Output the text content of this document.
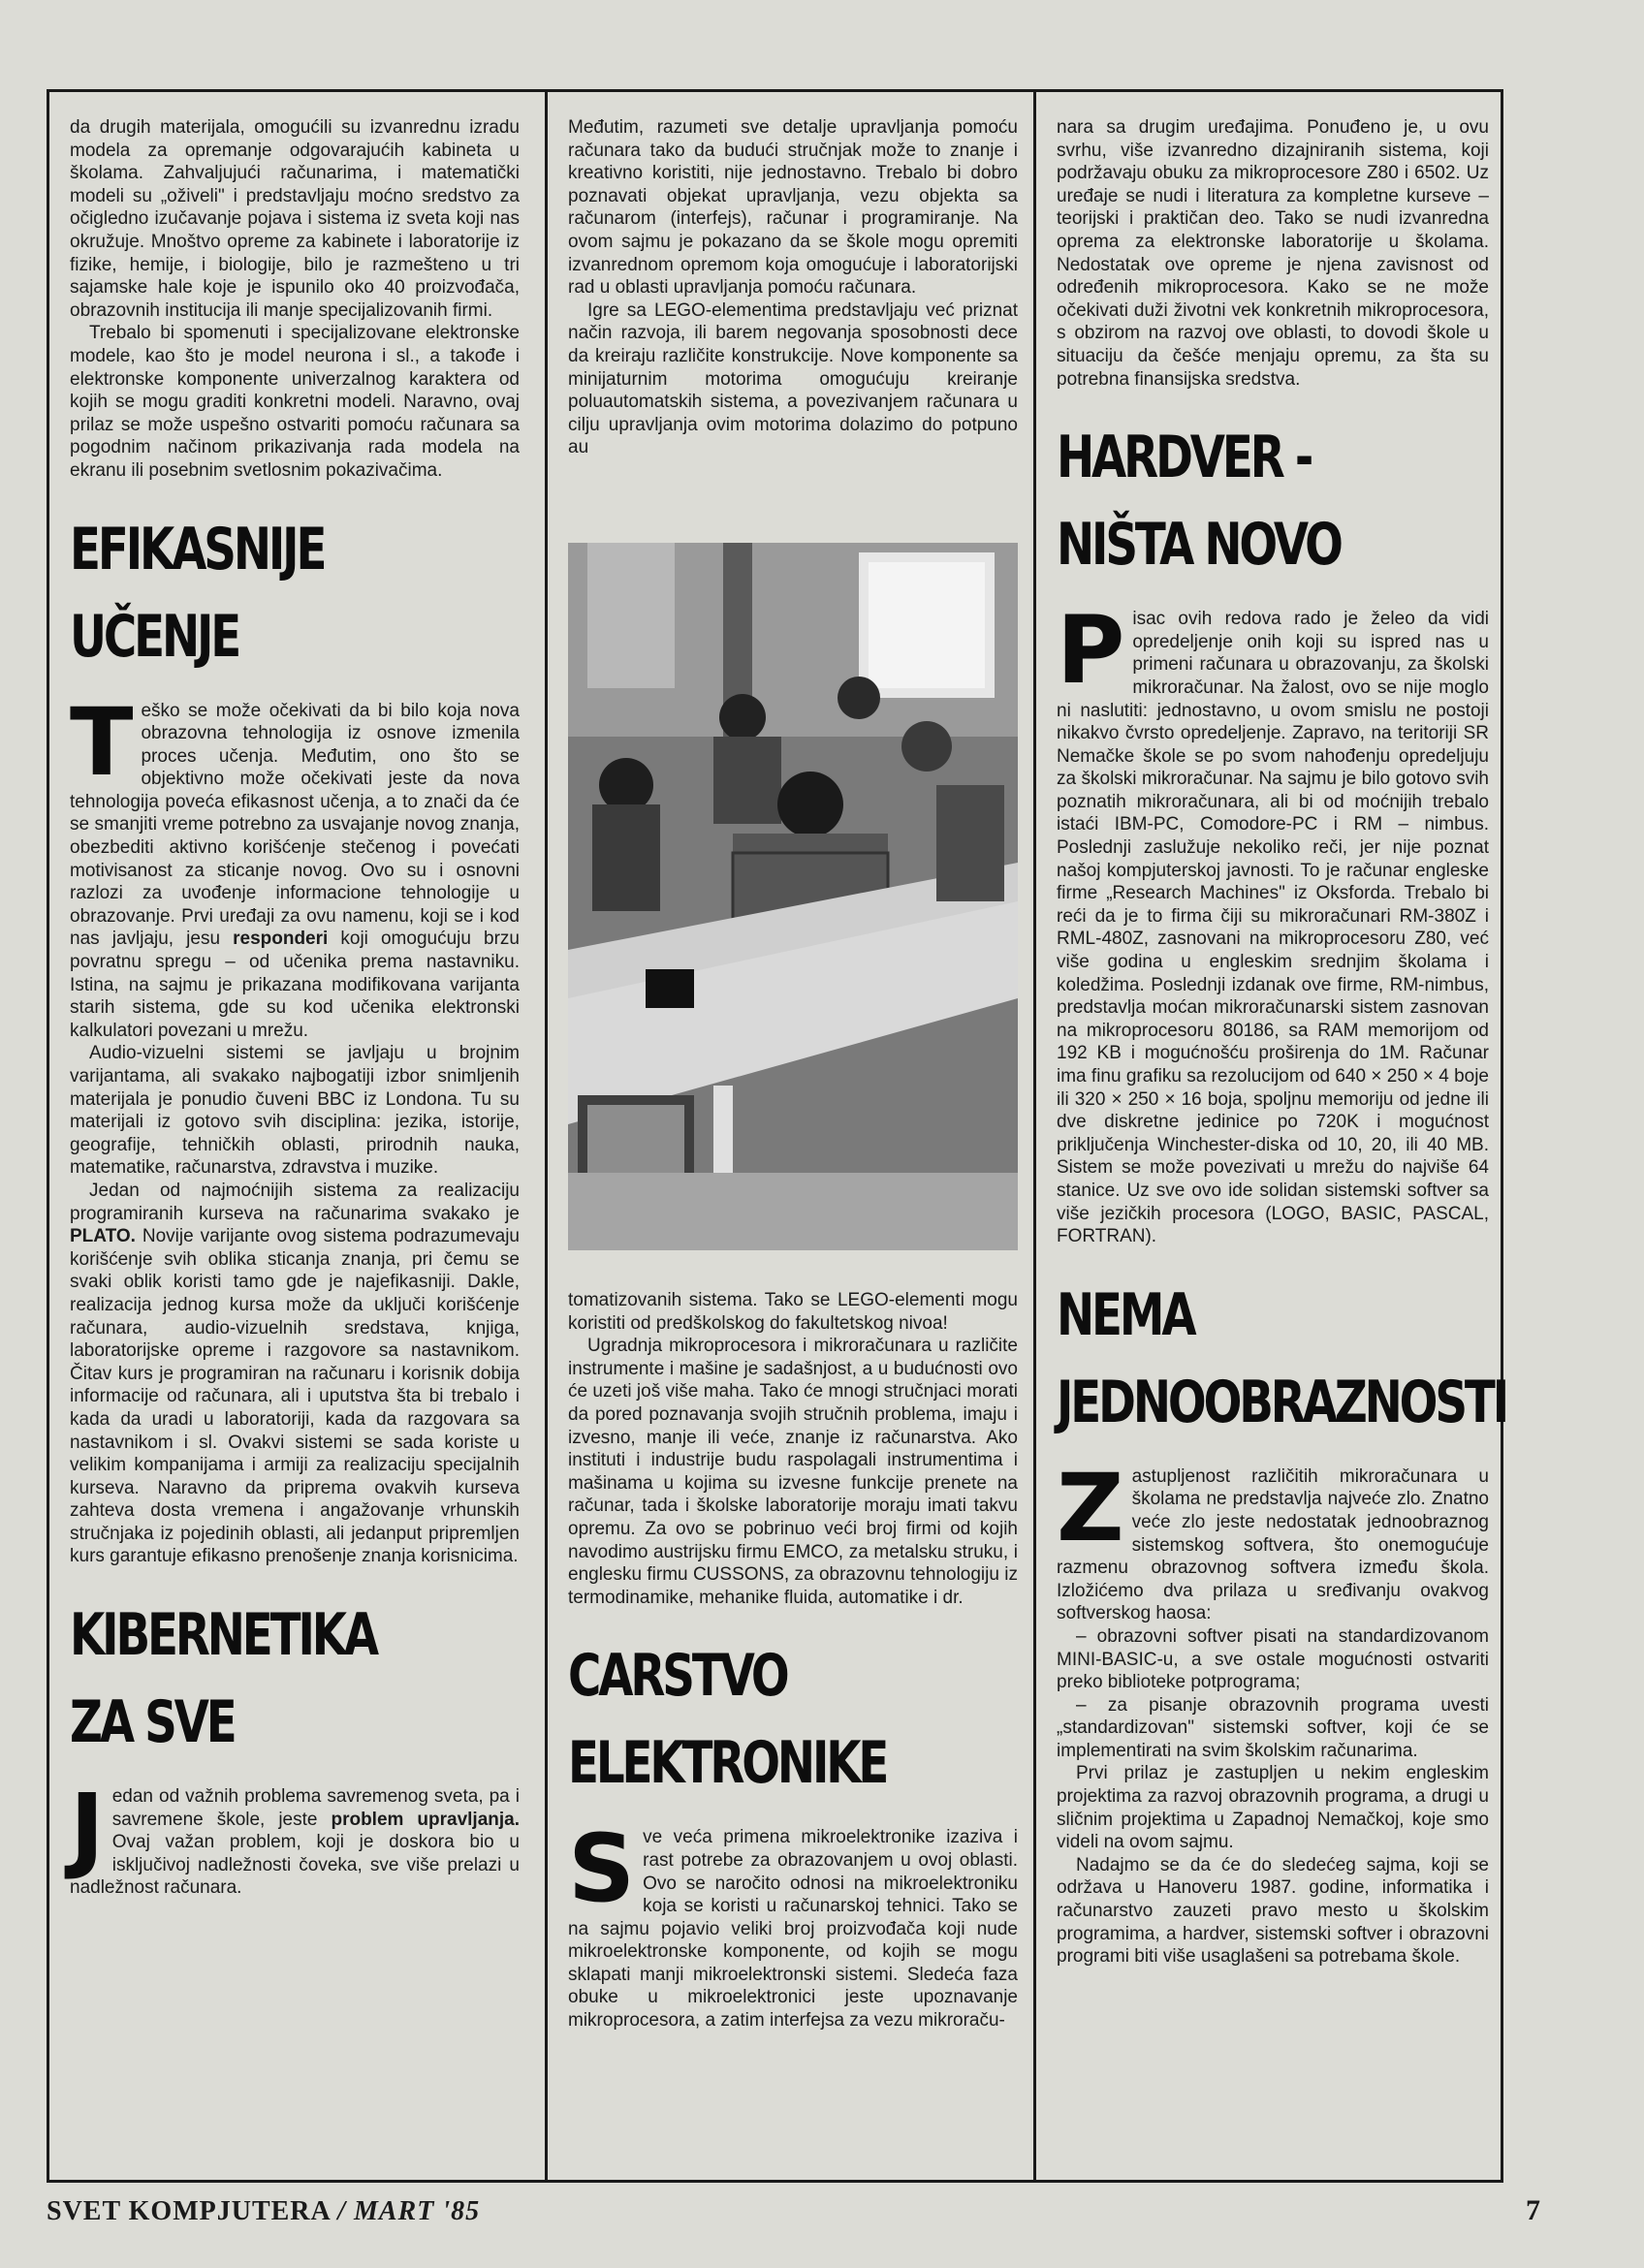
da drugih materijala, omogućili su izvanrednu izradu modela za opremanje odgovarajućih kabineta u školama. Zahvaljujući računarima, i matematički modeli su „oživeli" i predstavljaju moćno sredstvo za očigledno izučavanje pojava i sistema iz sveta koji nas okružuje. Mnoštvo opreme za kabinete i laboratorije iz fizike, hemije, i biologije, bilo je razmešteno u tri sajamske hale koje je ispunilo oko 40 proizvođača, obrazovnih institucija ili manje specijalizovanih firmi.

Trebalo bi spomenuti i specijalizovane elektronske modele, kao što je model neurona i sl., a takođe i elektronske komponente univerzalnog karaktera od kojih se mogu graditi konkretni modeli. Naravno, ovaj prilaz se može uspešno ostvariti pomoću računara sa pogodnim načinom prikazivanja rada modela na ekranu ili posebnim svetlosnim pokazivačima.

EFIKASNIJE
UČENJE

Teško se može očekivati da bi bilo koja nova obrazovna tehnologija iz osnove izmenila proces učenja. Međutim, ono što se objektivno može očekivati jeste da nova tehnologija poveća efikasnost učenja, a to znači da će se smanjiti vreme potrebno za usvajanje novog znanja, obezbediti aktivno korišćenje stečenog i povećati motivisanost za sticanje novog. Ovo su i osnovni razlozi za uvođenje informacione tehnologije u obrazovanje. Prvi uređaji za ovu namenu, koji se i kod nas javljaju, jesu responderi koji omogućuju brzu povratnu spregu – od učenika prema nastavniku. Istina, na sajmu je prikazana modifikovana varijanta starih sistema, gde su kod učenika elektronski kalkulatori povezani u mrežu.

Audio-vizuelni sistemi se javljaju u brojnim varijantama, ali svakako najbogatiji izbor snimljenih materijala je ponudio čuveni BBC iz Londona. Tu su materijali iz gotovo svih disciplina: jezika, istorije, geografije, tehničkih oblasti, prirodnih nauka, matematike, računarstva, zdravstva i muzike.

Jedan od najmoćnijih sistema za realizaciju programiranih kurseva na računarima svakako je PLATO. Novije varijante ovog sistema podrazumevaju korišćenje svih oblika sticanja znanja, pri čemu se svaki oblik koristi tamo gde je najefikasniji. Dakle, realizacija jednog kursa može da uključi korišćenje računara, audio-vizuelnih sredstava, knjiga, laboratorijske opreme i razgovore sa nastavnikom. Čitav kurs je programiran na računaru i korisnik dobija informacije od računara, ali i uputstva šta bi trebalo i kada da uradi u laboratoriji, kada da razgovara sa nastavnikom i sl. Ovakvi sistemi se sada koriste u velikim kompanijama i armiji za realizaciju specijalnih kurseva. Naravno da priprema ovakvih kurseva zahteva dosta vremena i angažovanje vrhunskih stručnjaka iz pojedinih oblasti, ali jedanput pripremljen kurs garantuje efikasno prenošenje znanja korisnicima.

KIBERNETIKA
ZA SVE

Jedan od važnih problema savremenog sveta, pa i savremene škole, jeste problem upravljanja. Ovaj važan problem, koji je doskora bio u isključivoj nadležnosti čoveka, sve više prelazi u nadležnost računara.

Međutim, razumeti sve detalje upravljanja pomoću računara tako da budući stručnjak može to znanje i kreativno koristiti, nije jednostavno. Trebalo bi dobro poznavati objekat upravljanja, vezu objekta sa računarom (interfejs), računar i programiranje. Na ovom sajmu je pokazano da se škole mogu opremiti izvanrednom opremom koja omogućuje i laboratorijski rad u oblasti upravljanja pomoću računara.

Igre sa LEGO-elementima predstavljaju već priznat način razvoja, ili barem negovanja sposobnosti dece da kreiraju različite konstrukcije. Nove komponente sa minijaturnim motorima omogućuju kreiranje poluautomatskih sistema, a povezivanjem računara u cilju upravljanja ovim motorima dolazimo do potpuno au

tomatizovanih sistema. Tako se LEGO-elementi mogu koristiti od predškolskog do fakultetskog nivoa!

Ugradnja mikroprocesora i mikroračunara u različite instrumente i mašine je sadašnjost, a u budućnosti ovo će uzeti još više maha. Tako će mnogi stručnjaci morati da pored poznavanja svojih stručnih problema, imaju i izvesno, manje ili veće, znanje iz računarstva. Ako instituti i industrije budu raspolagali instrumentima i mašinama u kojima su izvesne funkcije prenete na računar, tada i školske laboratorije moraju imati takvu opremu. Za ovo se pobrinuo veći broj firmi od kojih navodimo austrijsku firmu EMCO, za metalsku struku, i englesku firmu CUSSONS, za obrazovnu tehnologiju iz termodinamike, mehanike fluida, automatike i dr.

CARSTVO
ELEKTRONIKE

Sve veća primena mikroelektronike izaziva i rast potrebe za obrazovanjem u ovoj oblasti. Ovo se naročito odnosi na mikroelektroniku koja se koristi u računarskoj tehnici. Tako se na sajmu pojavio veliki broj proizvođača koji nude mikroelektronske komponente, od kojih se mogu sklapati manji mikroelektronski sistemi. Sledeća faza obuke u mikroelektronici jeste upoznavanje mikroprocesora, a zatim interfejsa za vezu mikroraču-

nara sa drugim uređajima. Ponuđeno je, u ovu svrhu, više izvanredno dizajniranih sistema, koji podržavaju obuku za mikroprocesore Z80 i 6502. Uz uređaje se nudi i literatura za kompletne kurseve – teorijski i praktičan deo. Tako se nudi izvanredna oprema za elektronske laboratorije u školama. Nedostatak ove opreme je njena zavisnost od određenih mikroprocesora. Kako se ne može očekivati duži životni vek konkretnih mikroprocesora, s obzirom na razvoj ove oblasti, to dovodi škole u situaciju da češće menjaju opremu, za šta su potrebna finansijska sredstva.

HARDVER -
NIŠTA NOVO

Pisac ovih redova rado je želeo da vidi opredeljenje onih koji su ispred nas u primeni računara u obrazovanju, za školski mikroračunar. Na žalost, ovo se nije moglo ni naslutiti: jednostavno, u ovom smislu ne postoji nikakvo čvrsto opredeljenje. Zapravo, na teritoriji SR Nemačke škole se po svom nahođenju opredeljuju za školski mikroračunar. Na sajmu je bilo gotovo svih poznatih mikroračunara, ali bi od moćnijih trebalo istaći IBM-PC, Comodore-PC i RM – nimbus. Poslednji zaslužuje nekoliko reči, jer nije poznat našoj kompjuterskoj javnosti. To je računar engleske firme „Research Machines" iz Oksforda. Trebalo bi reći da je to firma čiji su mikroračunari RM-380Z i RML-480Z, zasnovani na mikroprocesoru Z80, već više godina u engleskim srednjim školama i koledžima. Poslednji izdanak ove firme, RM-nimbus, predstavlja moćan mikroračunarski sistem zasnovan na mikroprocesoru 80186, sa RAM memorijom od 192 KB i mogućnošću proširenja do 1M. Računar ima finu grafiku sa rezolucijom od 640 × 250 × 4 boje ili 320 × 250 × 16 boja, spoljnu memoriju od jedne ili dve diskretne jedinice po 720K i mogućnost priključenja Winchester-diska od 10, 20, ili 40 MB. Sistem se može povezivati u mrežu do najviše 64 stanice. Uz sve ovo ide solidan sistemski softver sa više jezičkih procesora (LOGO, BASIC, PASCAL, FORTRAN).

NEMA
JEDNOOBRAZNOSTI

Zastupljenost različitih mikroračunara u školama ne predstavlja najveće zlo. Znatno veće zlo jeste nedostatak jednoobraznog sistemskog softvera, što onemogućuje razmenu obrazovnog softvera između škola. Izložićemo dva prilaza u sređivanju ovakvog softverskog haosa:

– obrazovni softver pisati na standardizovanom MINI-BASIC-u, a sve ostale mogućnosti ostvariti preko biblioteke potprograma;

– za pisanje obrazovnih programa uvesti „standardizovan" sistemski softver, koji će se implementirati na svim školskim računarima.

Prvi prilaz je zastupljen u nekim engleskim projektima za razvoj obrazovnih programa, a drugi u sličnim projektima u Zapadnoj Nemačkoj, koje smo videli na ovom sajmu.

Nadajmo se da će do sledećeg sajma, koji se održava u Hanoveru 1987. godine, informatika i računarstvo zauzeti pravo mesto u školskim programima, a hardver, sistemski softver i obrazovni programi biti više usaglašeni sa potrebama škole.

SVET KOMPJUTERA / MART '85	7
